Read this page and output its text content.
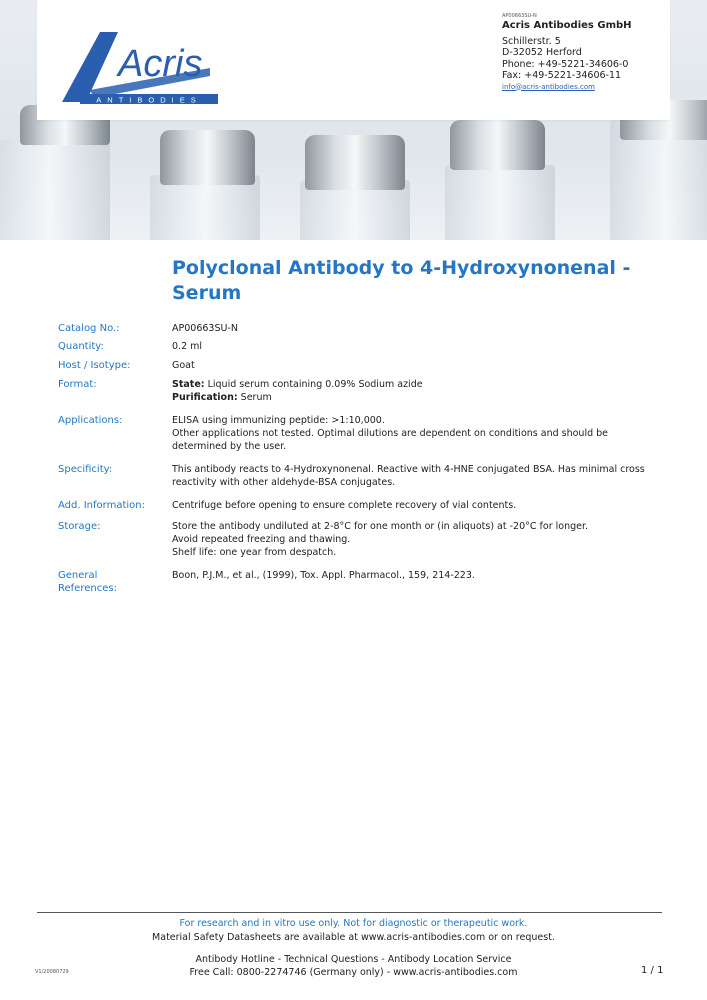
Acris
ANTIBODIES
AP00663SU-N
Acris Antibodies GmbH
Schillerstr. 5
D-32052 Herford
Phone: +49-5221-34606-0
Fax: +49-5221-34606-11
info@acris-antibodies.com
Polyclonal Antibody to 4-Hydroxynonenal -
Serum
Catalog No.:	AP00663SU-N
Quantity:	0.2 ml
Host / Isotype:	Goat
Format:	State: Liquid serum containing 0.09% Sodium azide
Purification: Serum
Applications:	ELISA using immunizing peptide: >1:10,000.
Other applications not tested. Optimal dilutions are dependent on conditions and should be determined by the user.
Specificity:	This antibody reacts to 4-Hydroxynonenal. Reactive with 4-HNE conjugated BSA. Has minimal cross reactivity with other aldehyde-BSA conjugates.
Add. Information:	Centrifuge before opening to ensure complete recovery of vial contents.
Storage:	Store the antibody undiluted at 2-8°C for one month or (in aliquots) at -20°C for longer.
Avoid repeated freezing and thawing.
Shelf life: one year from despatch.
General
References:
Boon, P.J.M., et al., (1999), Tox. Appl. Pharmacol., 159, 214-223.
For research and in vitro use only. Not for diagnostic or therapeutic work.
Material Safety Datasheets are available at www.acris-antibodies.com or on request.
Antibody Hotline - Technical Questions - Antibody Location Service
Free Call: 0800-2274746 (Germany only) - www.acris-antibodies.com
V1/20080729	1 / 1
